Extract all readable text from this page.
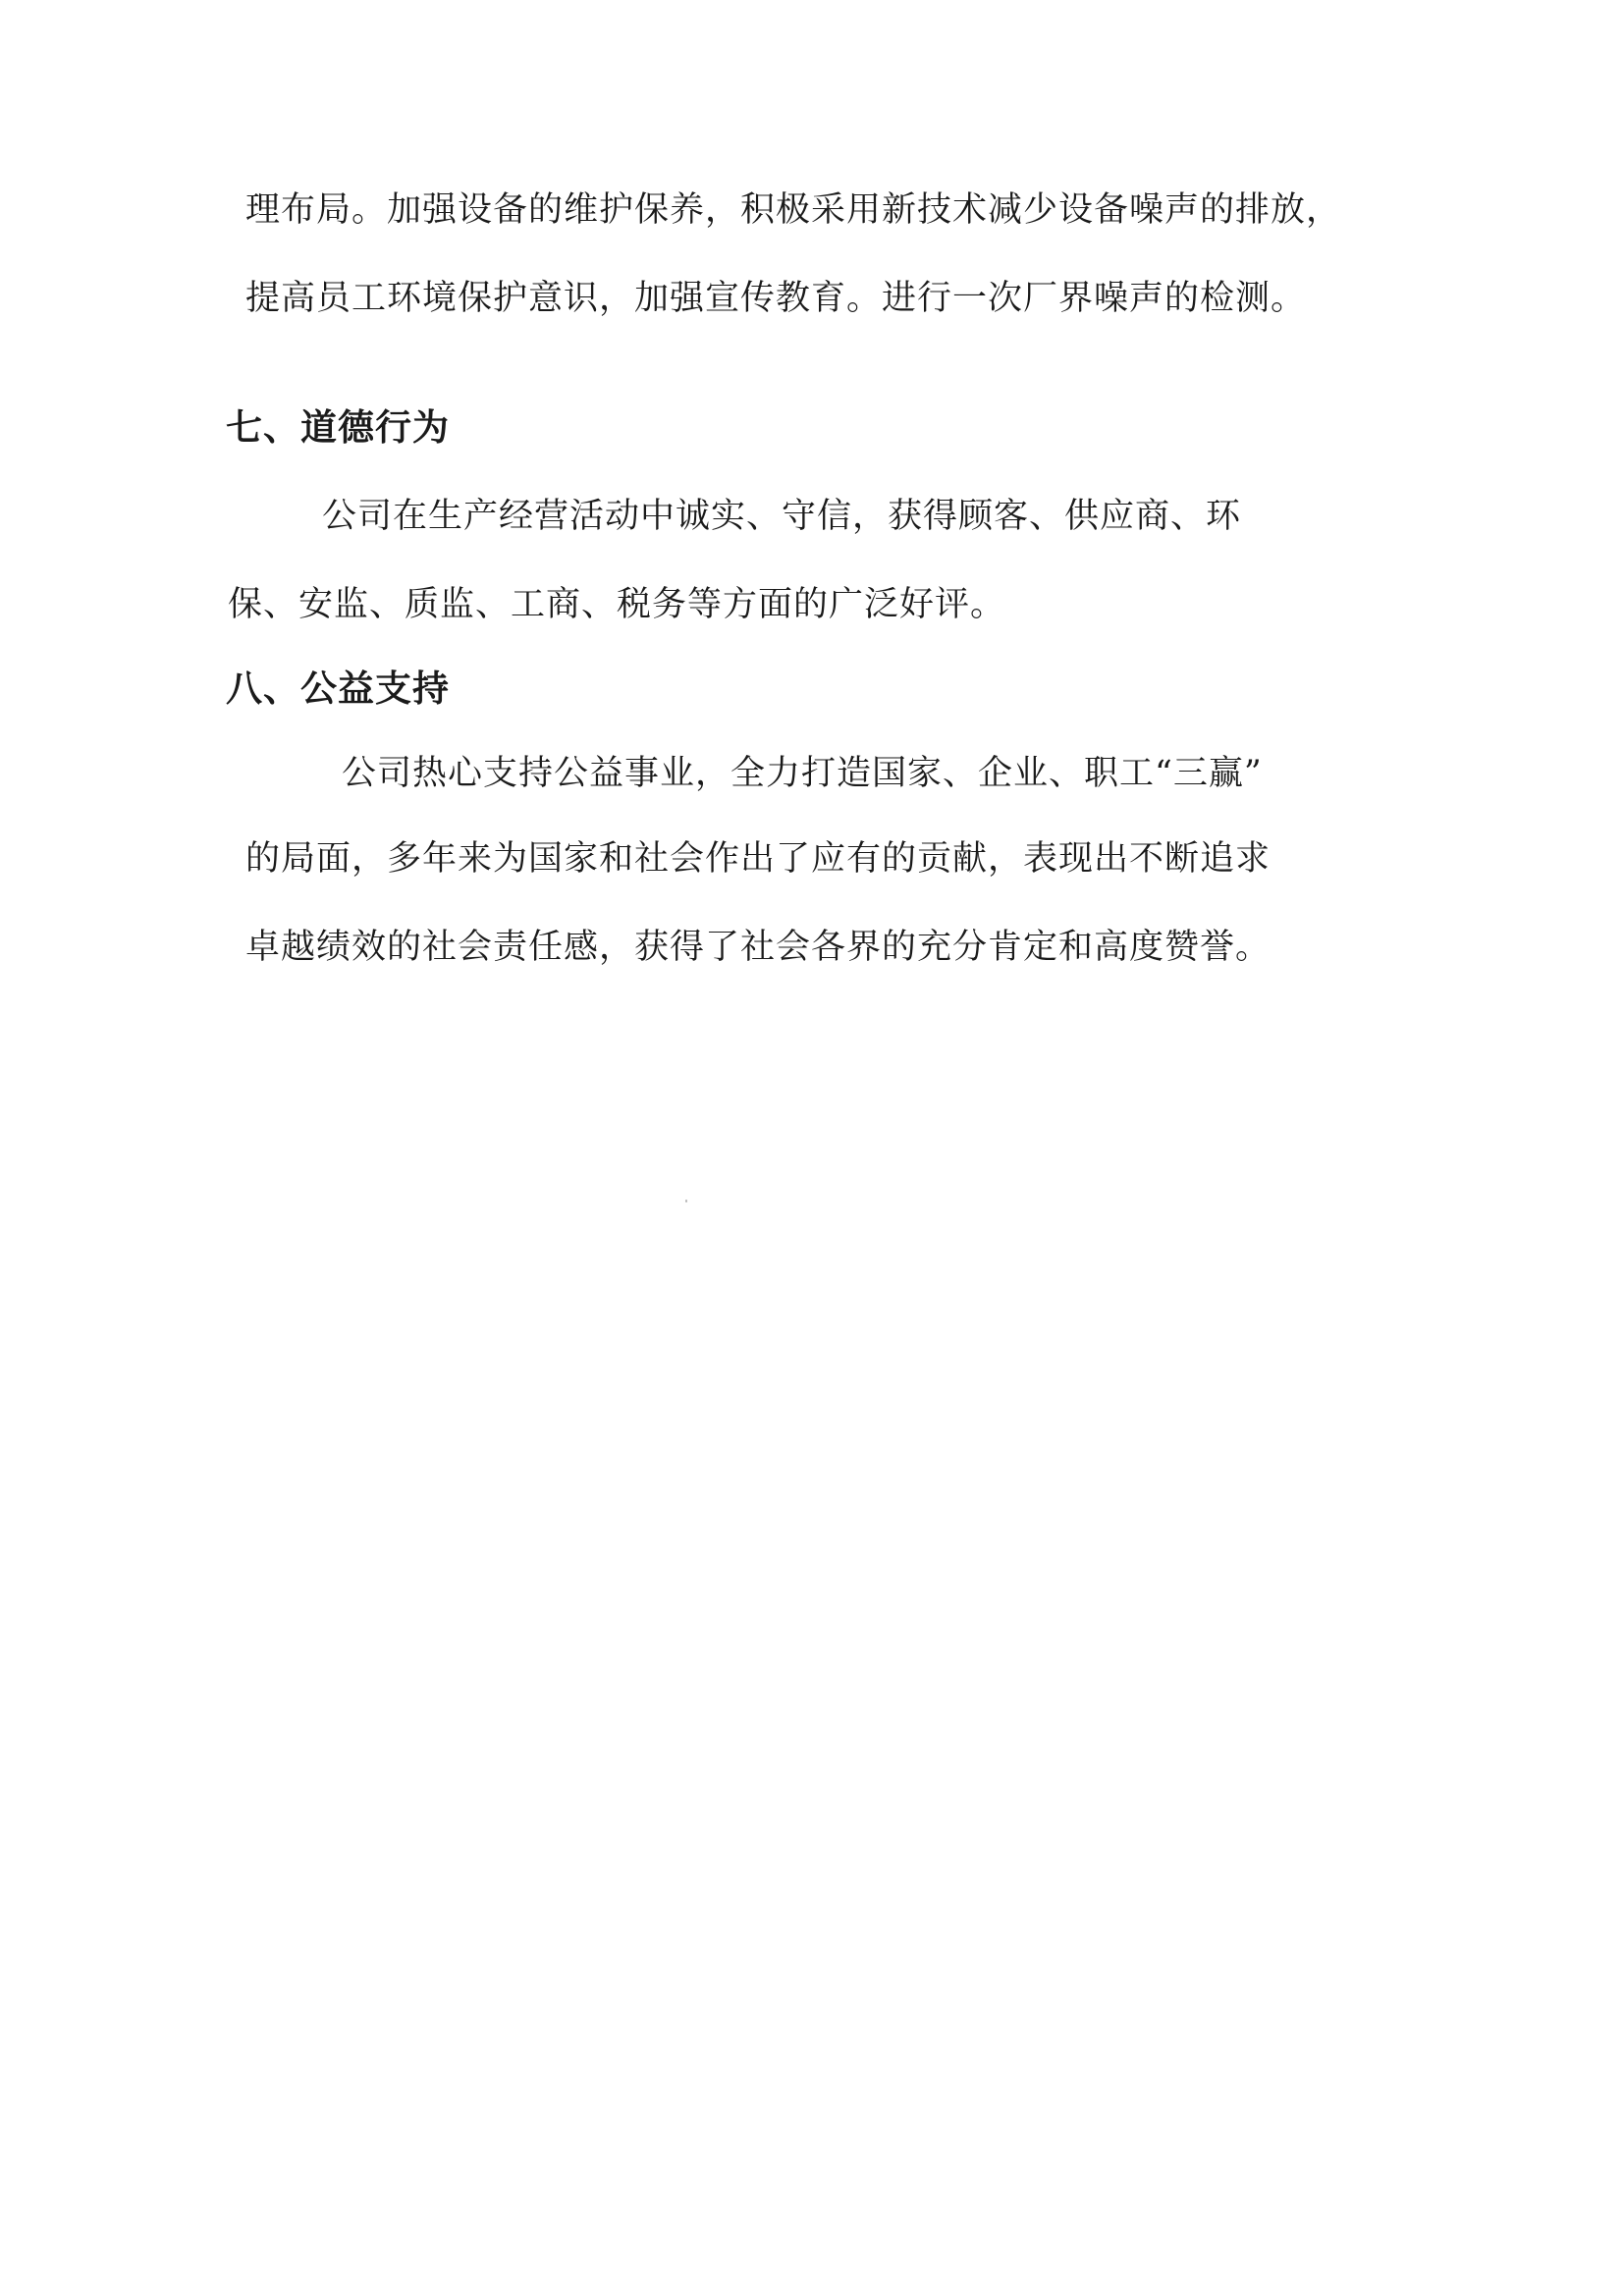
理布局。加强设备的维护保养，积极采用新技术减少设备噪声的排放，
提高员工环境保护意识，加强宣传教育。进行一次厂界噪声的检测。
七、道德行为
公司在生产经营活动中诚实、守信，获得顾客、供应商、环
保、安监、质监、工商、税务等方面的广泛好评。
八、公益支持
公司热心支持公益事业，全力打造国家、企业、职工“三赢”
的局面，多年来为国家和社会作出了应有的贡献，表现出不断追求
卓越绩效的社会责任感，获得了社会各界的充分肯定和高度赞誉。
